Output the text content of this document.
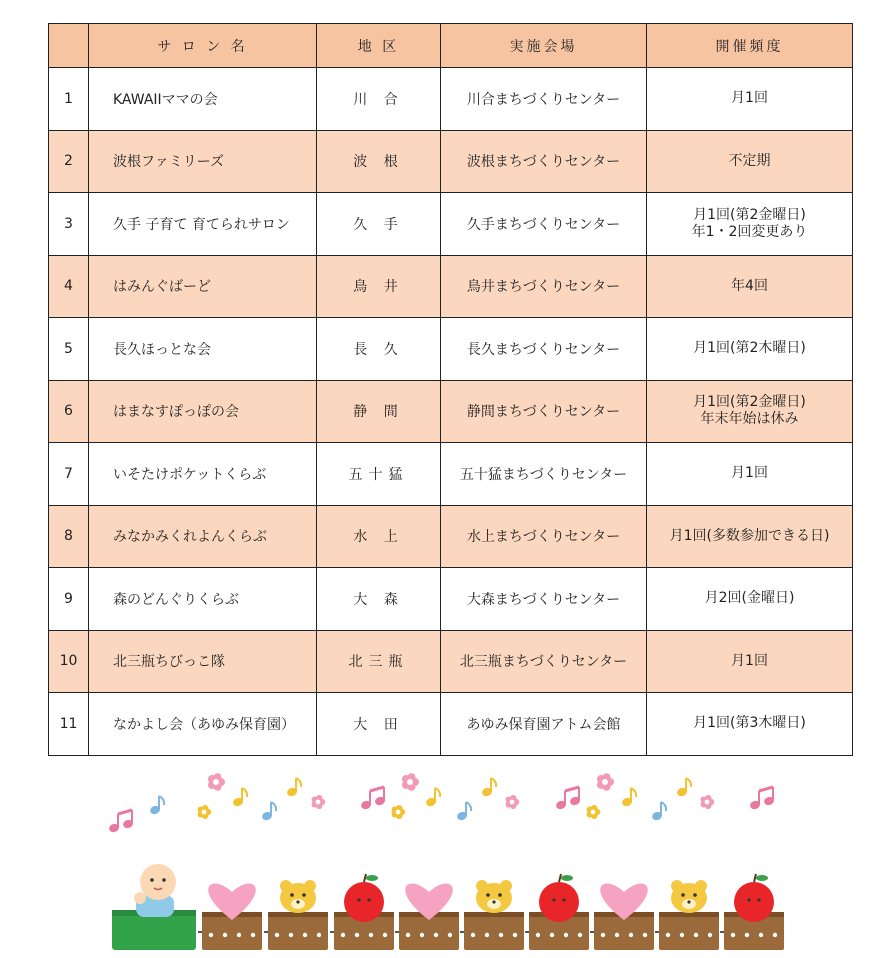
	サ ロ ン 名	地 区	実施会場	開催頻度
1	KAWAIIママの会	川 合	川合まちづくりセンター	月1回

2	波根ファミリーズ	波 根	波根まちづくりセンター	不定期

3	久手 子育て 育てられサロン	久 手	久手まちづくりセンター	月1回(第2金曜日)
年1・2回変更あり

4	はみんぐばーど	鳥 井	鳥井まちづくりセンター	年4回

5	長久ほっとな会	長 久	長久まちづくりセンター	月1回(第2木曜日)

6	はまなすぽっぽの会	静 間	静間まちづくりセンター	月1回(第2金曜日)
年末年始は休み

7	いそたけポケットくらぶ	五十猛	五十猛まちづくりセンター	月1回

8	みなかみくれよんくらぶ	水 上	水上まちづくりセンター	月1回(多数参加できる日)

9	森のどんぐりくらぶ	大 森	大森まちづくりセンター	月2回(金曜日)

10	北三瓶ちびっこ隊	北三瓶	北三瓶まちづくりセンター	月1回

11	なかよし会（あゆみ保育園）	大 田	あゆみ保育園アトム会館	月1回(第3木曜日)
